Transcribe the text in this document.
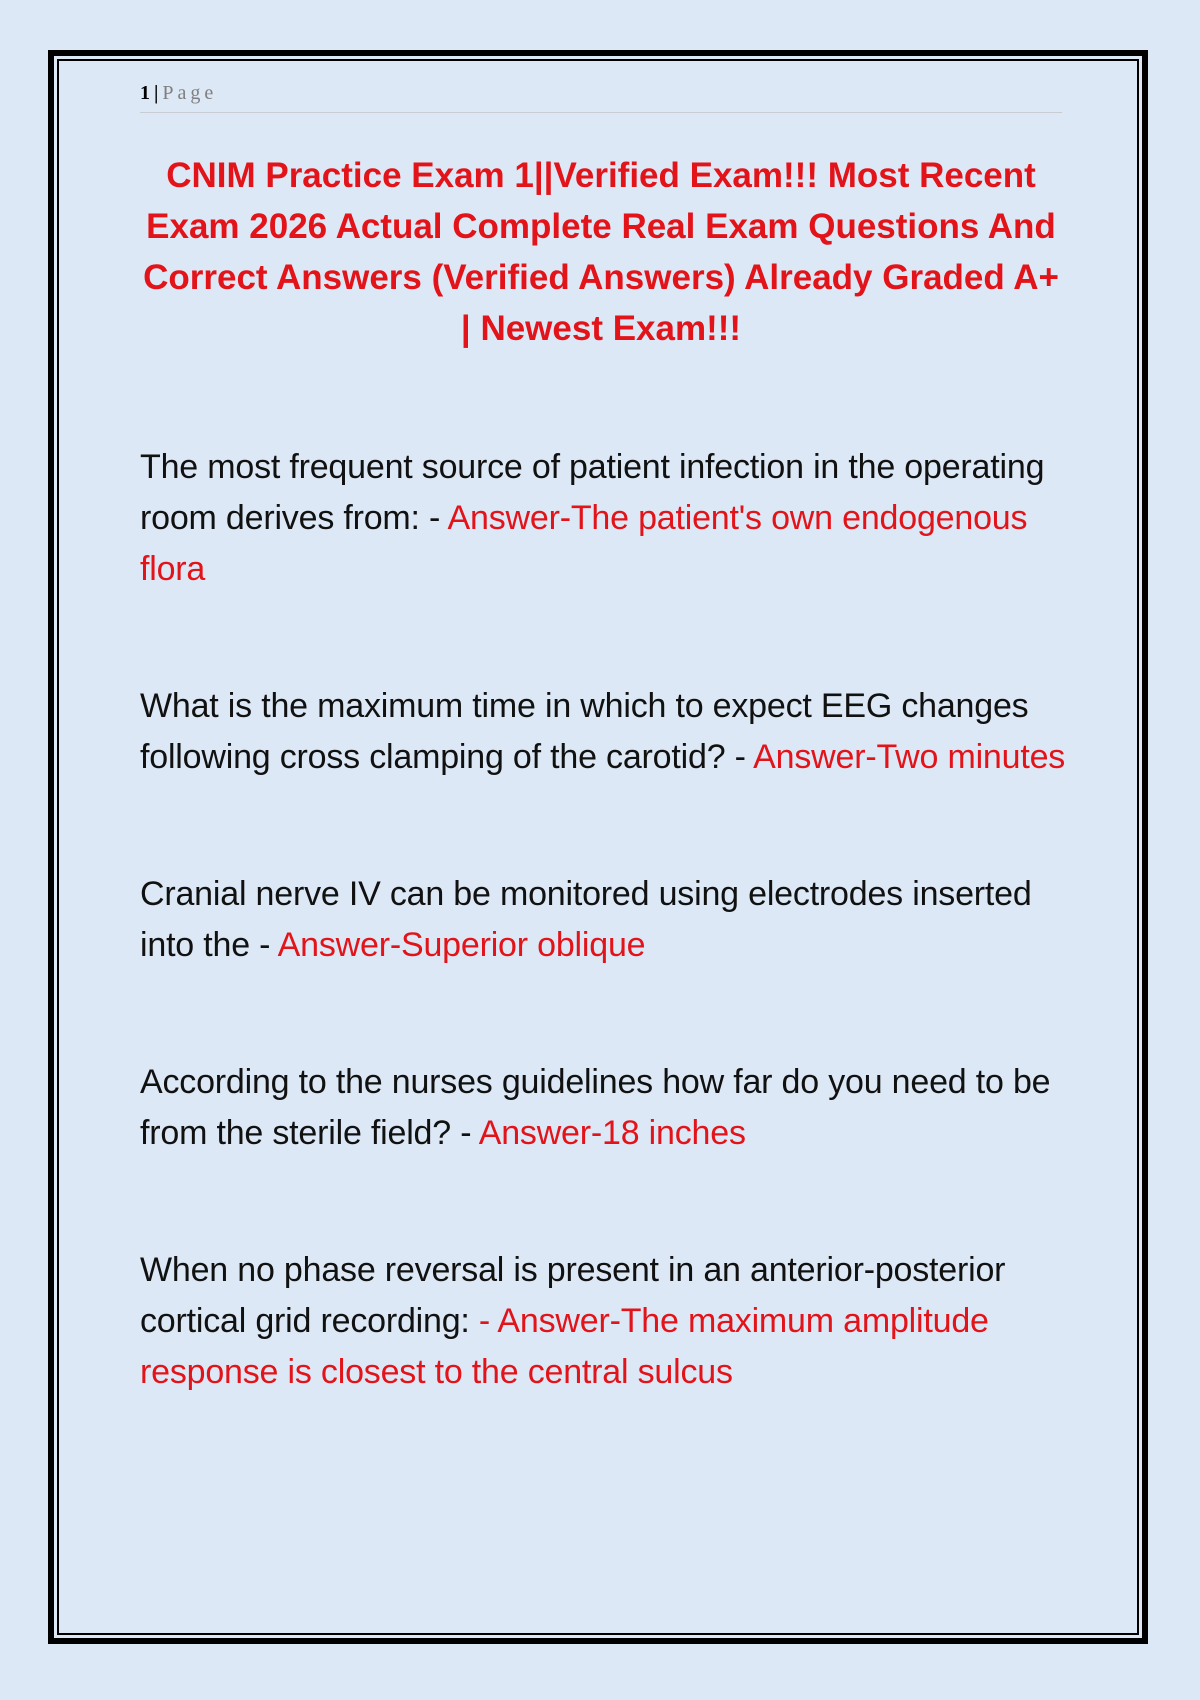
1 | Page
CNIM Practice Exam 1||Verified Exam!!! Most Recent Exam 2026 Actual Complete Real Exam Questions And Correct Answers (Verified Answers) Already Graded A+ | Newest Exam!!!
The most frequent source of patient infection in the operating room derives from: - Answer-The patient's own endogenous flora
What is the maximum time in which to expect EEG changes following cross clamping of the carotid? - Answer-Two minutes
Cranial nerve IV can be monitored using electrodes inserted into the - Answer-Superior oblique
According to the nurses guidelines how far do you need to be from the sterile field? - Answer-18 inches
When no phase reversal is present in an anterior-posterior cortical grid recording: - Answer-The maximum amplitude response is closest to the central sulcus
